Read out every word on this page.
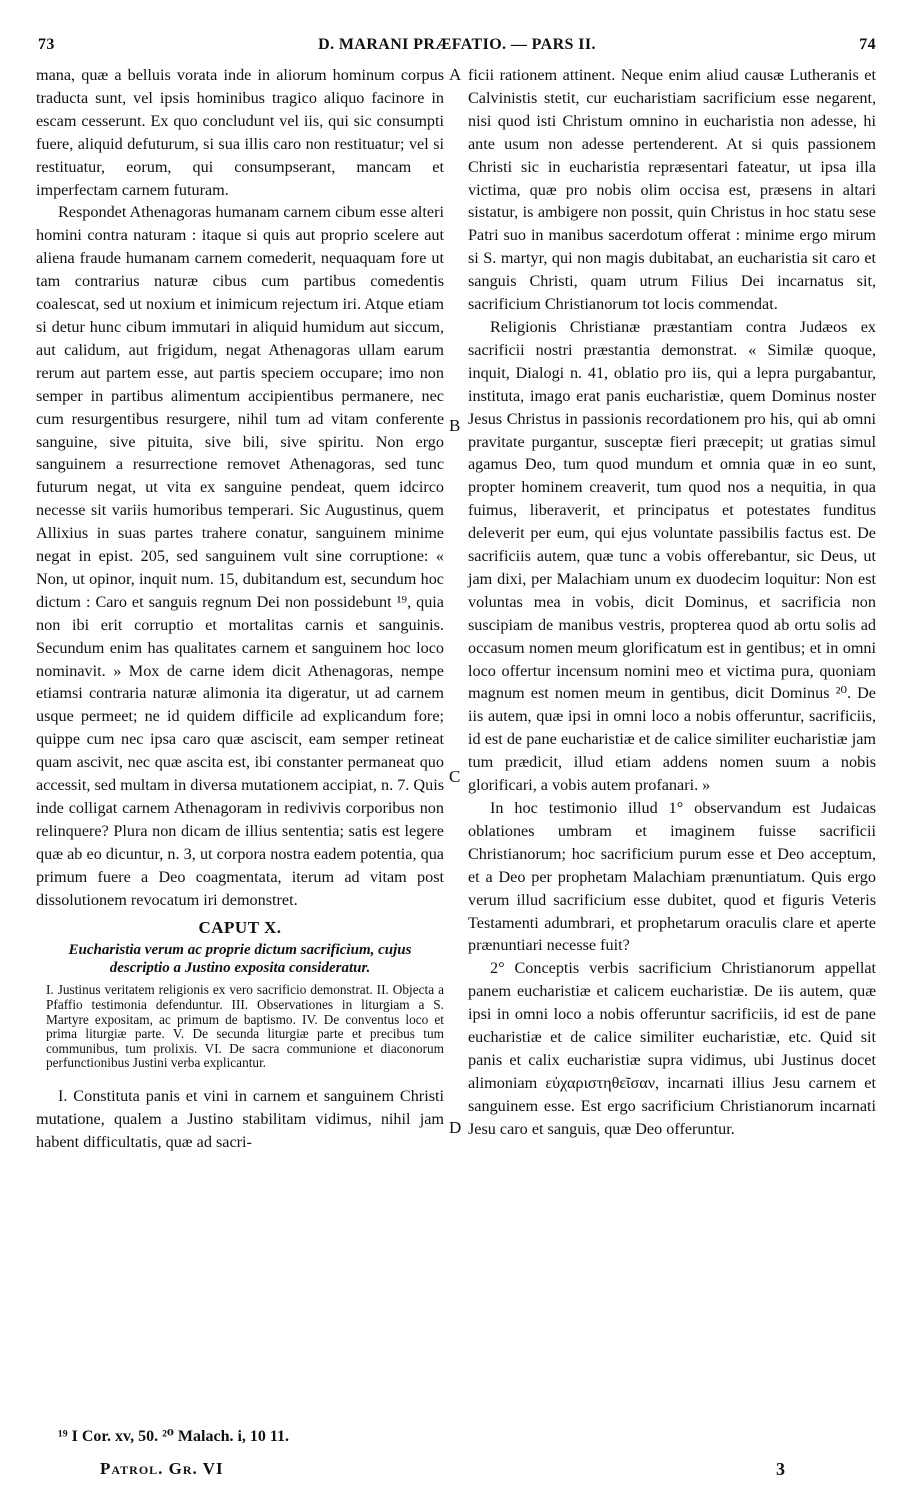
73	D. MARANI PRÆFATIO. — PARS II.	74

mana, quæ a belluis vorata inde in aliorum hominum corpus traducta sunt, vel ipsis hominibus tragico aliquo facinore in escam cesserunt. Ex quo concludunt vel iis, qui sic consumpti fuere, aliquid defuturum, si sua illis caro non restituatur; vel si restituatur, eorum, qui consumpserant, mancam et imperfectam carnem futuram.

Respondet Athenagoras humanam carnem cibum esse alteri homini contra naturam : itaque si quis aut proprio scelere aut aliena fraude humanam carnem comederit, nequaquam fore ut tam contrarius naturæ cibus cum partibus comedentis coalescat, sed ut noxium et inimicum rejectum iri. Atque etiam si detur hunc cibum immutari in aliquid humidum aut siccum, aut calidum, aut frigidum, negat Athenagoras ullam earum rerum aut partem esse, aut partis speciem occupare; imo non semper in partibus alimentum accipientibus permanere, nec cum resurgentibus resurgere, nihil tum ad vitam conferente sanguine, sive pituita, sive bili, sive spiritu. Non ergo sanguinem a resurrectione removet Athenagoras, sed tunc futurum negat, ut vita ex sanguine pendeat, quem idcirco necesse sit variis humoribus temperari. Sic Augustinus, quem Allixius in suas partes trahere conatur, sanguinem minime negat in epist. 205, sed sanguinem vult sine corruptione: « Non, ut opinor, inquit num. 15, dubitandum est, secundum hoc dictum : Caro et sanguis regnum Dei non possidebunt ¹⁹, quia non ibi erit corruptio et mortalitas carnis et sanguinis. Secundum enim has qualitates carnem et sanguinem hoc loco nominavit. » Mox de carne idem dicit Athenagoras, nempe etiamsi contraria naturæ alimonia ita digeratur, ut ad carnem usque permeet; ne id quidem difficile ad explicandum fore; quippe cum nec ipsa caro quæ asciscit, eam semper retineat quam ascivit, nec quæ ascita est, ibi constanter permaneat quo accessit, sed multam in diversa mutationem accipiat, n. 7. Quis inde colligat carnem Athenagoram in redivivis corporibus non relinquere? Plura non dicam de illius sententia; satis est legere quæ ab eo dicuntur, n. 3, ut corpora nostra eadem potentia, qua primum fuere a Deo coagmentata, iterum ad vitam post dissolutionem revocatum iri demonstret.

CAPUT X.
Eucharistia verum ac proprie dictum sacrificium, cujus descriptio a Justino exposita consideratur.

I. Justinus veritatem religionis ex vero sacrificio demonstrat. II. Objecta a Pfaffio testimonia defenduntur. III. Observationes in liturgiam a S. Martyre expositam, ac primum de baptismo. IV. De conventus loco et prima liturgiæ parte. V. De secunda liturgiæ parte et precibus tum communibus, tum prolixis. VI. De sacra communione et diaconorum perfunctionibus Justini verba explicantur.

I. Constituta panis et vini in carnem et sanguinem Christi mutatione, qualem a Justino stabilitam vidimus, nihil jam habent difficultatis, quæ ad sacri-

A
B
C
D

ficii rationem attinent. Neque enim aliud causæ Lutheranis et Calvinistis stetit, cur eucharistiam sacrificium esse negarent, nisi quod isti Christum omnino in eucharistia non adesse, hi ante usum non adesse pertenderent. At si quis passionem Christi sic in eucharistia repræsentari fateatur, ut ipsa illa victima, quæ pro nobis olim occisa est, præsens in altari sistatur, is ambigere non possit, quin Christus in hoc statu sese Patri suo in manibus sacerdotum offerat : minime ergo mirum si S. martyr, qui non magis dubitabat, an eucharistia sit caro et sanguis Christi, quam utrum Filius Dei incarnatus sit, sacrificium Christianorum tot locis commendat.

Religionis Christianæ præstantiam contra Judæos ex sacrificii nostri præstantia demonstrat. « Similæ quoque, inquit, Dialogi n. 41, oblatio pro iis, qui a lepra purgabantur, instituta, imago erat panis eucharistiæ, quem Dominus noster Jesus Christus in passionis recordationem pro his, qui ab omni pravitate purgantur, susceptæ fieri præcepit; ut gratias simul agamus Deo, tum quod mundum et omnia quæ in eo sunt, propter hominem creaverit, tum quod nos a nequitia, in qua fuimus, liberaverit, et principatus et potestates funditus deleverit per eum, qui ejus voluntate passibilis factus est. De sacrificiis autem, quæ tunc a vobis offerebantur, sic Deus, ut jam dixi, per Malachiam unum ex duodecim loquitur: Non est voluntas mea in vobis, dicit Dominus, et sacrificia non suscipiam de manibus vestris, propterea quod ab ortu solis ad occasum nomen meum glorificatum est in gentibus; et in omni loco offertur incensum nomini meo et victima pura, quoniam magnum est nomen meum in gentibus, dicit Dominus ²⁰. De iis autem, quæ ipsi in omni loco a nobis offeruntur, sacrificiis, id est de pane eucharistiæ et de calice similiter eucharistiæ jam tum prædicit, illud etiam addens nomen suum a nobis glorificari, a vobis autem profanari. »

In hoc testimonio illud 1° observandum est Judaicas oblationes umbram et imaginem fuisse sacrificii Christianorum; hoc sacrificium purum esse et Deo acceptum, et a Deo per prophetam Malachiam prænuntiatum. Quis ergo verum illud sacrificium esse dubitet, quod et figuris Veteris Testamenti adumbrari, et prophetarum oraculis clare et aperte prænuntiari necesse fuit?

2° Conceptis verbis sacrificium Christianorum appellat panem eucharistiæ et calicem eucharistiæ. De iis autem, quæ ipsi in omni loco a nobis offeruntur sacrificiis, id est de pane eucharistiæ et de calice similiter eucharistiæ, etc. Quid sit panis et calix eucharistiæ supra vidimus, ubi Justinus docet alimoniam εὐχαριστηθεῖσαν, incarnati illius Jesu carnem et sanguinem esse. Est ergo sacrificium Christianorum incarnati Jesu caro et sanguis, quæ Deo offeruntur.

¹⁹ I Cor. xv, 50. ²⁰ Malach. i, 10 11.
Patrol. Gr. VI	3
